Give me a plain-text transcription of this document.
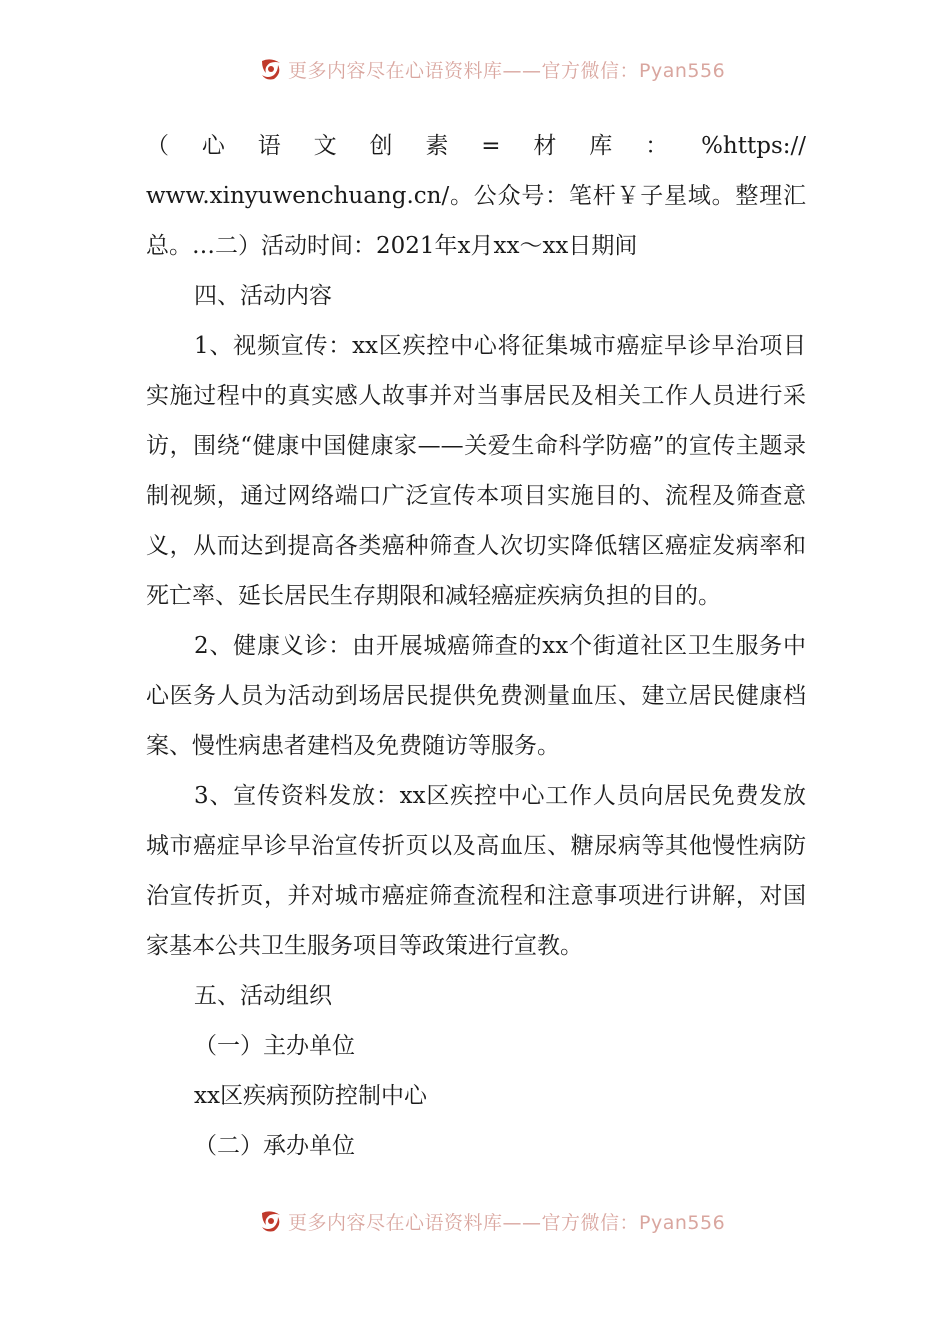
更多内容尽在心语资料库——官方微信：Pyan556

（心语文创素=材库：%https://
www.xinyuwenchuang.cn/。公众号：笔杆￥子星域。整理汇
总。…二）活动时间：2021年x月xx～xx日期间

四、活动内容

1、视频宣传：xx区疾控中心将征集城市癌症早诊早治项目实施过程中的真实感人故事并对当事居民及相关工作人员进行采访，围绕“健康中国健康家——关爱生命科学防癌”的宣传主题录制视频，通过网络端口广泛宣传本项目实施目的、流程及筛查意义，从而达到提高各类癌种筛查人次切实降低辖区癌症发病率和死亡率、延长居民生存期限和减轻癌症疾病负担的目的。

2、健康义诊：由开展城癌筛查的xx个街道社区卫生服务中心医务人员为活动到场居民提供免费测量血压、建立居民健康档案、慢性病患者建档及免费随访等服务。

3、宣传资料发放：xx区疾控中心工作人员向居民免费发放城市癌症早诊早治宣传折页以及高血压、糖尿病等其他慢性病防治宣传折页，并对城市癌症筛查流程和注意事项进行讲解，对国家基本公共卫生服务项目等政策进行宣教。

五、活动组织

（一）主办单位

xx区疾病预防控制中心

（二）承办单位

更多内容尽在心语资料库——官方微信：Pyan556
